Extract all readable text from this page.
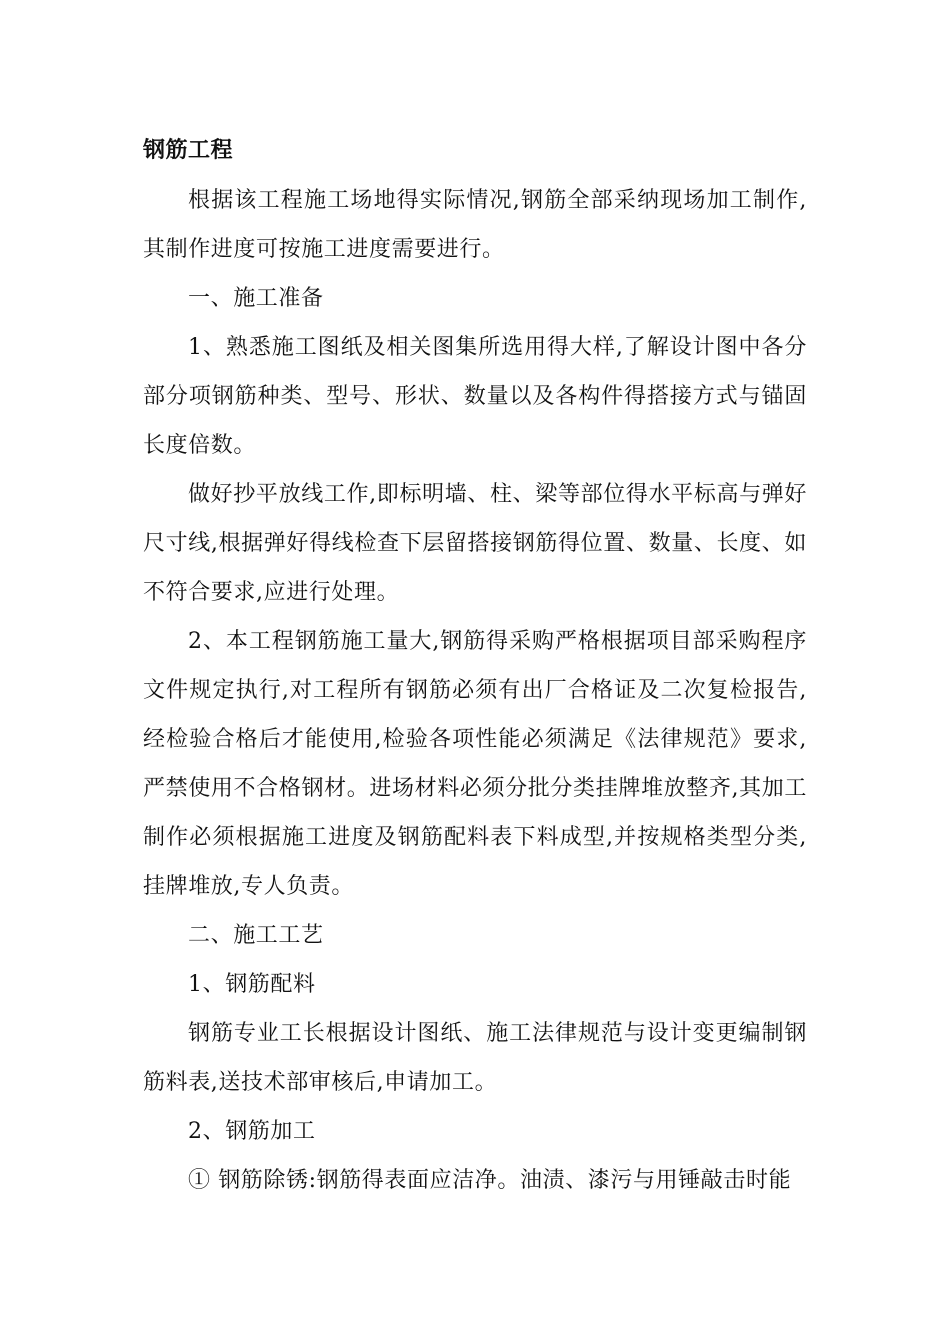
钢筋工程

根据该工程施工场地得实际情况,钢筋全部采纳现场加工制作,其制作进度可按施工进度需要进行。

一、施工准备

1、熟悉施工图纸及相关图集所选用得大样,了解设计图中各分部分项钢筋种类、型号、形状、数量以及各构件得搭接方式与锚固长度倍数。

做好抄平放线工作,即标明墙、柱、梁等部位得水平标高与弹好尺寸线,根据弹好得线检查下层留搭接钢筋得位置、数量、长度、如不符合要求,应进行处理。

2、本工程钢筋施工量大,钢筋得采购严格根据项目部采购程序文件规定执行,对工程所有钢筋必须有出厂合格证及二次复检报告,经检验合格后才能使用,检验各项性能必须满足《法律规范》要求,严禁使用不合格钢材。进场材料必须分批分类挂牌堆放整齐,其加工制作必须根据施工进度及钢筋配料表下料成型,并按规格类型分类,挂牌堆放,专人负责。

二、施工工艺

1、钢筋配料

钢筋专业工长根据设计图纸、施工法律规范与设计变更编制钢筋料表,送技术部审核后,申请加工。

2、钢筋加工

① 钢筋除锈:钢筋得表面应洁净。油渍、漆污与用锤敲击时能
